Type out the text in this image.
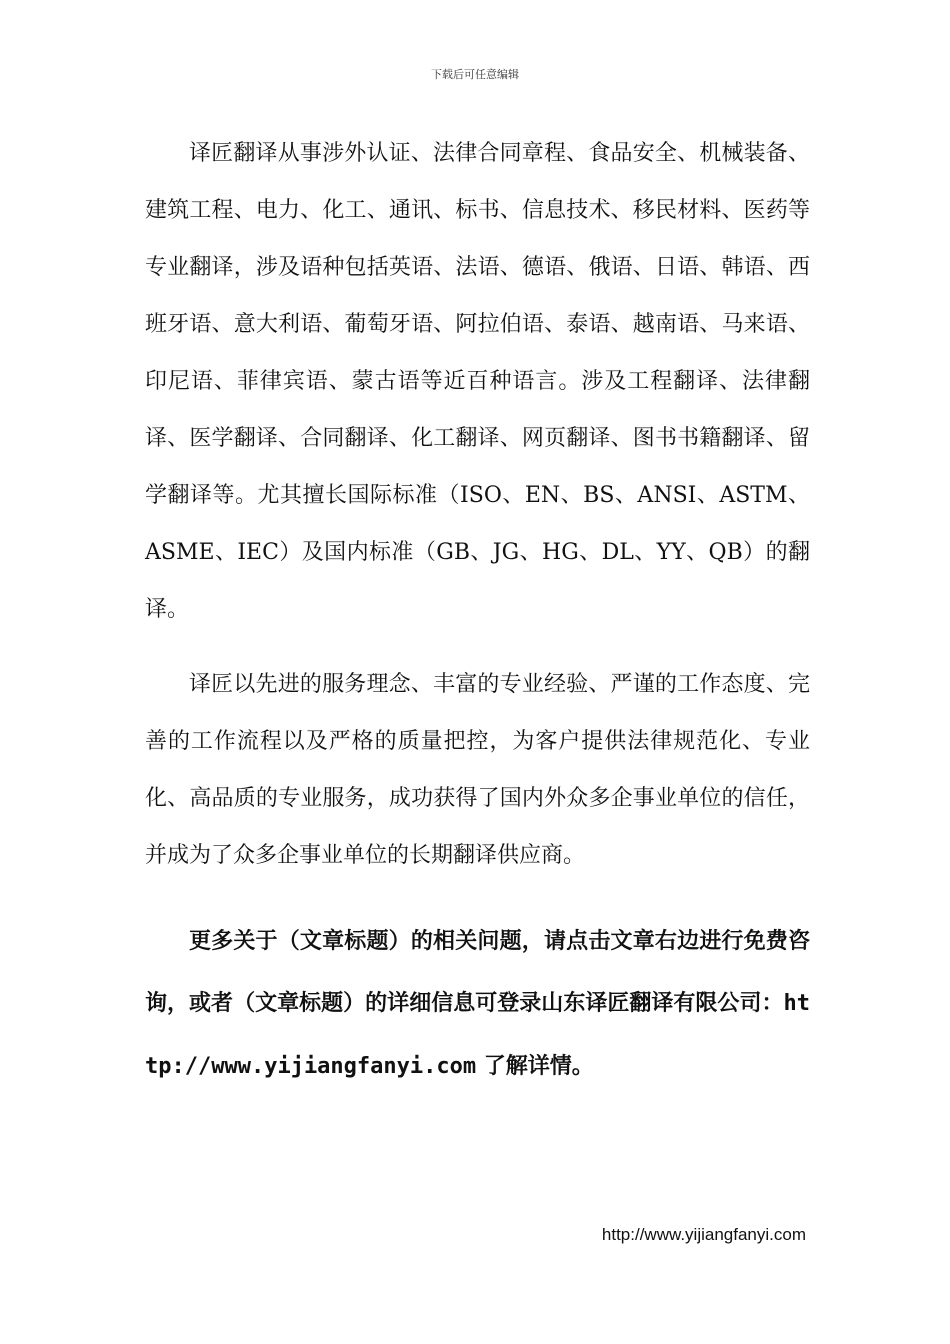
下载后可任意编辑

译匠翻译从事涉外认证、法律合同章程、食品安全、机械装备、建筑工程、电力、化工、通讯、标书、信息技术、移民材料、医药等专业翻译，涉及语种包括英语、法语、德语、俄语、日语、韩语、西班牙语、意大利语、葡萄牙语、阿拉伯语、泰语、越南语、马来语、印尼语、菲律宾语、蒙古语等近百种语言。涉及工程翻译、法律翻译、医学翻译、合同翻译、化工翻译、网页翻译、图书书籍翻译、留学翻译等。尤其擅长国际标准（ISO、EN、BS、ANSI、ASTM、ASME、IEC）及国内标准（GB、JG、HG、DL、YY、QB）的翻译。

译匠以先进的服务理念、丰富的专业经验、严谨的工作态度、完善的工作流程以及严格的质量把控，为客户提供法律规范化、专业化、高品质的专业服务，成功获得了国内外众多企事业单位的信任，并成为了众多企事业单位的长期翻译供应商。

更多关于（文章标题）的相关问题，请点击文章右边进行免费咨询，或者（文章标题）的详细信息可登录山东译匠翻译有限公司：http://www.yijiangfanyi.com 了解详情。
http://www.yijiangfanyi.com
